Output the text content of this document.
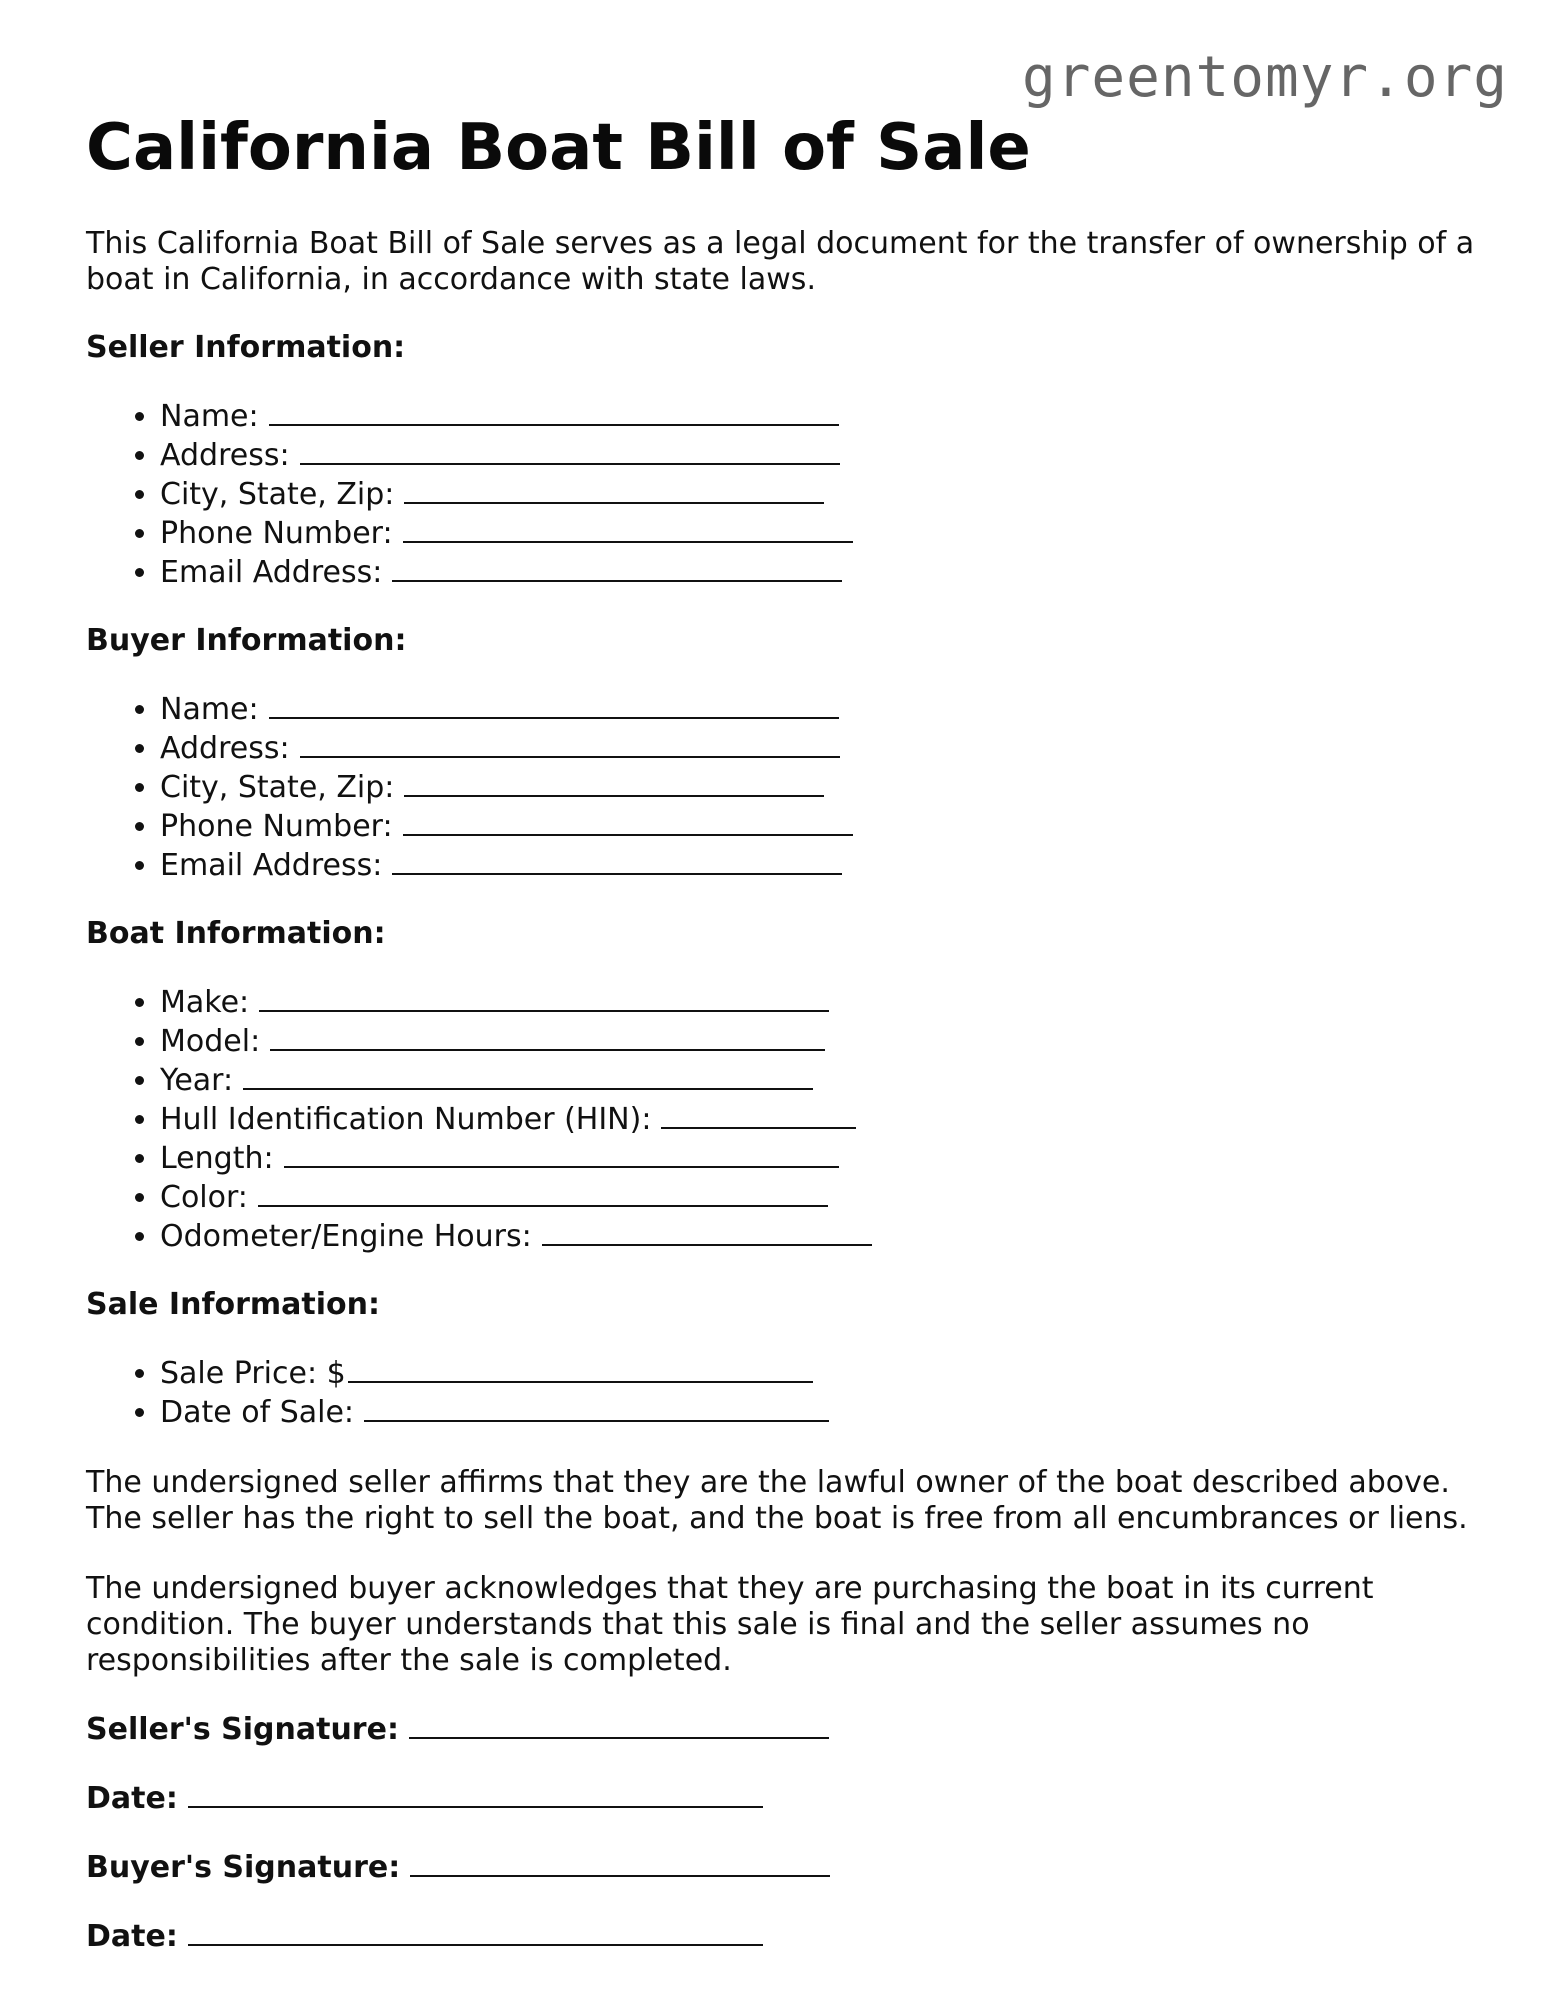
greentomyr.org
California Boat Bill of Sale

This California Boat Bill of Sale serves as a legal document for the transfer of ownership of a boat in California, in accordance with state laws.

Seller Information:
• Name:
• Address:
• City, State, Zip:
• Phone Number:
• Email Address:
Buyer Information:
• Name:
• Address:
• City, State, Zip:
• Phone Number:
• Email Address:
Boat Information:
• Make:
• Model:
• Year:
• Hull Identification Number (HIN):
• Length:
• Color:
• Odometer/Engine Hours:
Sale Information:
• Sale Price: $
• Date of Sale:

The undersigned seller affirms that they are the lawful owner of the boat described above. The seller has the right to sell the boat, and the boat is free from all encumbrances or liens.

The undersigned buyer acknowledges that they are purchasing the boat in its current condition. The buyer understands that this sale is final and the seller assumes no responsibilities after the sale is completed.

Seller's Signature:
Date:
Buyer's Signature:
Date:
